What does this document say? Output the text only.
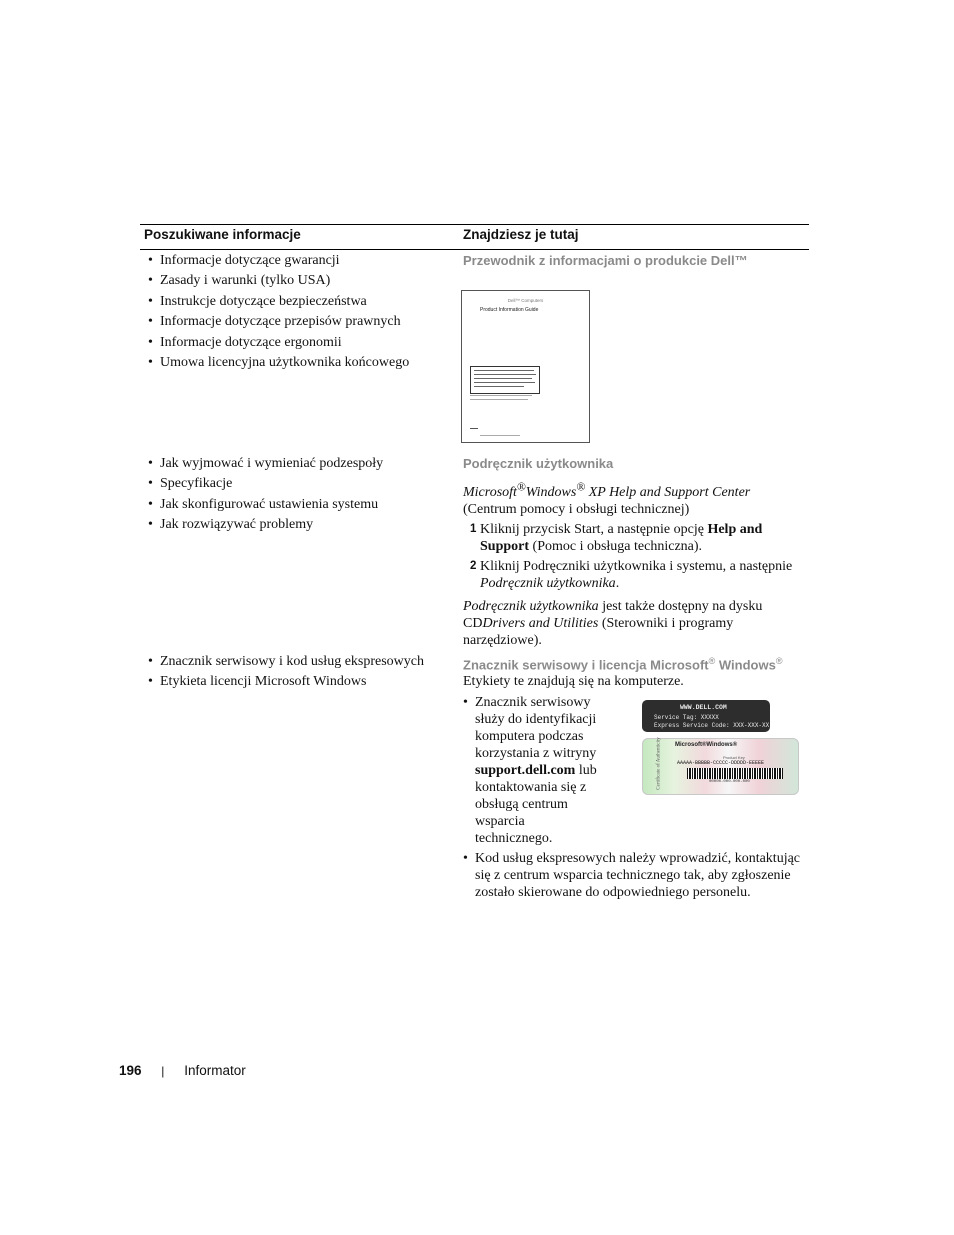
Poszukiwane informacje	Znajdziesz je tutaj
• Informacje dotyczące gwarancji
• Zasady i warunki (tylko USA)
• Instrukcje dotyczące bezpieczeństwa
• Informacje dotyczące przepisów prawnych
• Informacje dotyczące ergonomii
• Umowa licencyjna użytkownika końcowego
Przewodnik z informacjami o produkcie Dell™
Dell™ Computers
Product Information Guide
• Jak wyjmować i wymieniać podzespoły
• Specyfikacje
• Jak skonfigurować ustawienia systemu
• Jak rozwiązywać problemy
Podręcznik użytkownika
Microsoft®Windows® XP Help and Support Center
(Centrum pomocy i obsługi technicznej)
1 Kliknij przycisk Start, a następnie opcję Help and Support (Pomoc i obsługa techniczna).
2 Kliknij Podręczniki użytkownika i systemu, a następnie Podręcznik użytkownika.
Podręcznik użytkownika jest także dostępny na dysku CDDrivers and Utilities (Sterowniki i programy narzędziowe).
• Znacznik serwisowy i kod usług ekspresowych
• Etykieta licencji Microsoft Windows
Znacznik serwisowy i licencja Microsoft® Windows®
Etykiety te znajdują się na komputerze.
• Znacznik serwisowy służy do identyfikacji komputera podczas korzystania z witryny support.dell.com lub kontaktowania się z obsługą centrum wsparcia technicznego.
• Kod usług ekspresowych należy wprowadzić, kontaktując się z centrum wsparcia technicznego tak, aby zgłoszenie zostało skierowane do odpowiedniego personelu.
WWW.DELL.COM
Service Tag: XXXXX
Express Service Code: XXX-XXX-XX
Certificate of Authenticity Microsoft®Windows®
Product Key
AAAAA-BBBBB-CCCCC-DDDDD-EEEEE
00000-000-000-000
196 | Informator
